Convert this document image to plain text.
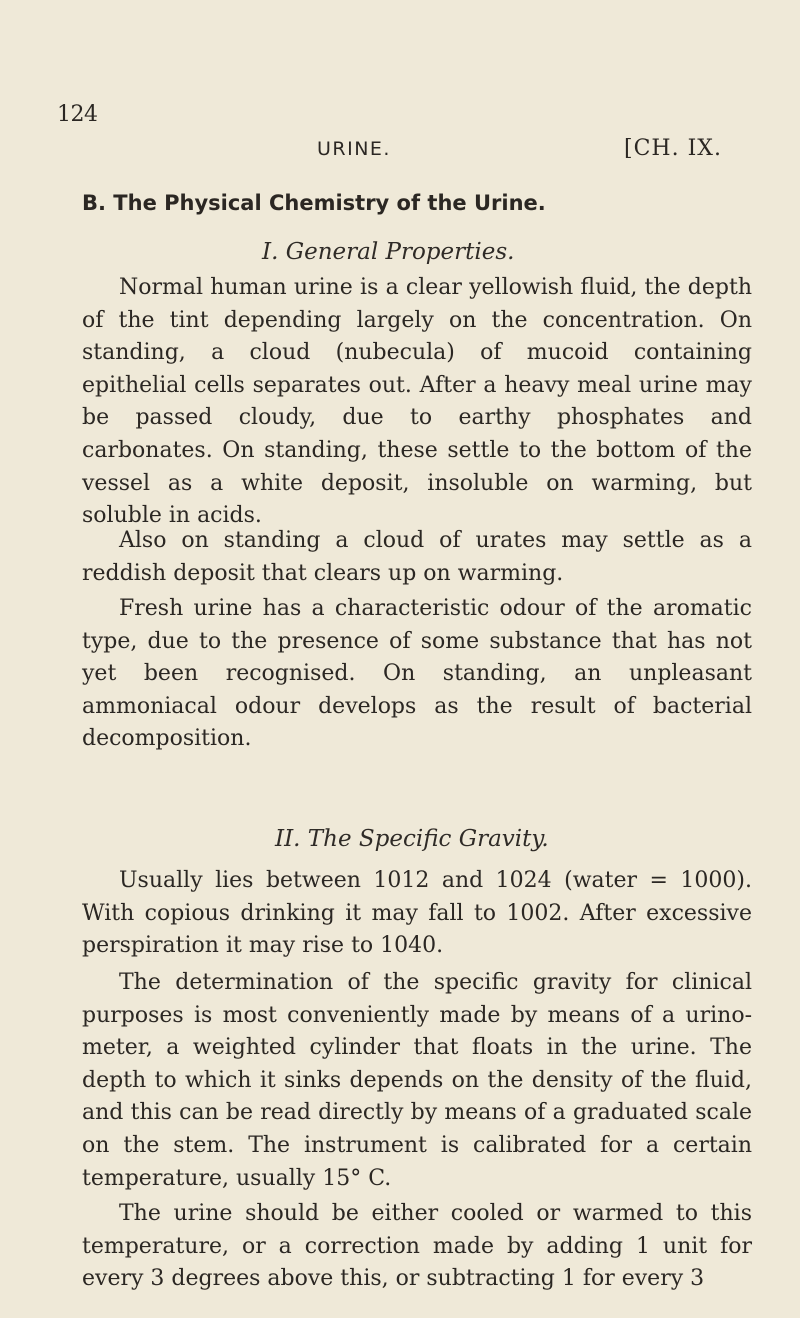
124
URINE.	[CH. IX.
B. The Physical Chemistry of the Urine.
I. General Properties.

Normal human urine is a clear yellowish fluid, the depth of the tint depending largely on the concentration. On standing, a cloud (nubecula) of mucoid containing epithelial cells separates out. After a heavy meal urine may be passed cloudy, due to earthy phosphates and carbonates. On standing, these settle to the bottom of the vessel as a white deposit, insoluble on warming, but soluble in acids.

Also on standing a cloud of urates may settle as a reddish deposit that clears up on warming.

Fresh urine has a characteristic odour of the aromatic type, due to the presence of some substance that has not yet been recognised. On standing, an unpleasant ammoniacal odour develops as the result of bacterial decomposition.

II. The Specific Gravity.

Usually lies between 1012 and 1024 (water = 1000). With copious drinking it may fall to 1002. After excessive perspiration it may rise to 1040.

The determination of the specific gravity for clinical purposes is most conveniently made by means of a urino-meter, a weighted cylinder that floats in the urine. The depth to which it sinks depends on the density of the fluid, and this can be read directly by means of a graduated scale on the stem. The instrument is calibrated for a certain temperature, usually 15° C.

The urine should be either cooled or warmed to this temperature, or a correction made by adding 1 unit for every 3 degrees above this, or subtracting 1 for every 3
